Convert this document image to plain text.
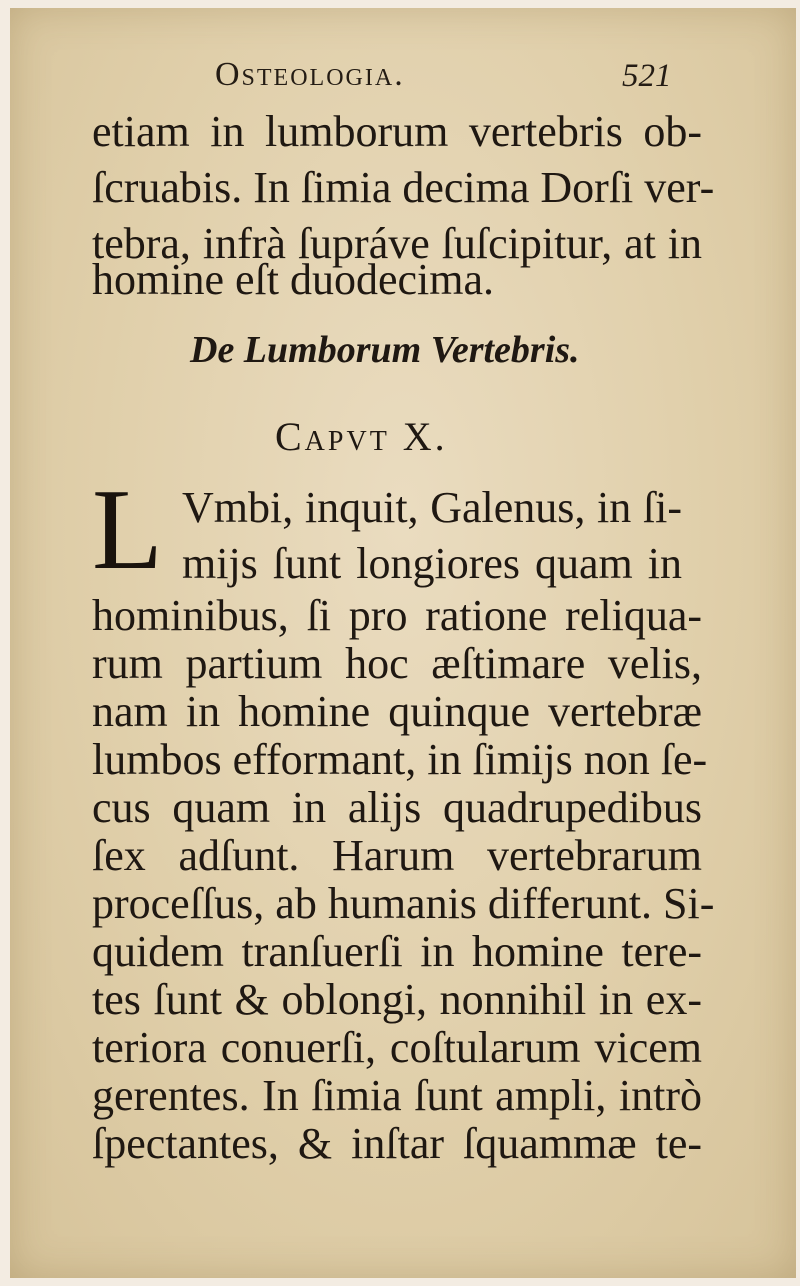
Osteologia.	521
etiam in lumborum vertebris ob-
ſcruabis. In ſimia decima Dorſi ver-
tebra, infrà ſupráve ſuſcipitur, at in
homine eſt duodecima.
De Lumborum Vertebris.
Capvt X.
L Vmbi, inquit, Galenus, in ſi-
mijs ſunt longiores quam in
hominibus, ſi pro ratione reliqua-
rum partium hoc æſtimare velis,
nam in homine quinque vertebræ
lumbos efformant, in ſimijs non ſe-
cus quam in alijs quadrupedibus
ſex adſunt. Harum vertebrarum
proceſſus, ab humanis differunt. Si-
quidem tranſuerſi in homine tere-
tes ſunt & oblongi, nonnihil in ex-
teriora conuerſi, coſtularum vicem
gerentes. In ſimia ſunt ampli, intrò
ſpectantes, & inſtar ſquammæ te-
